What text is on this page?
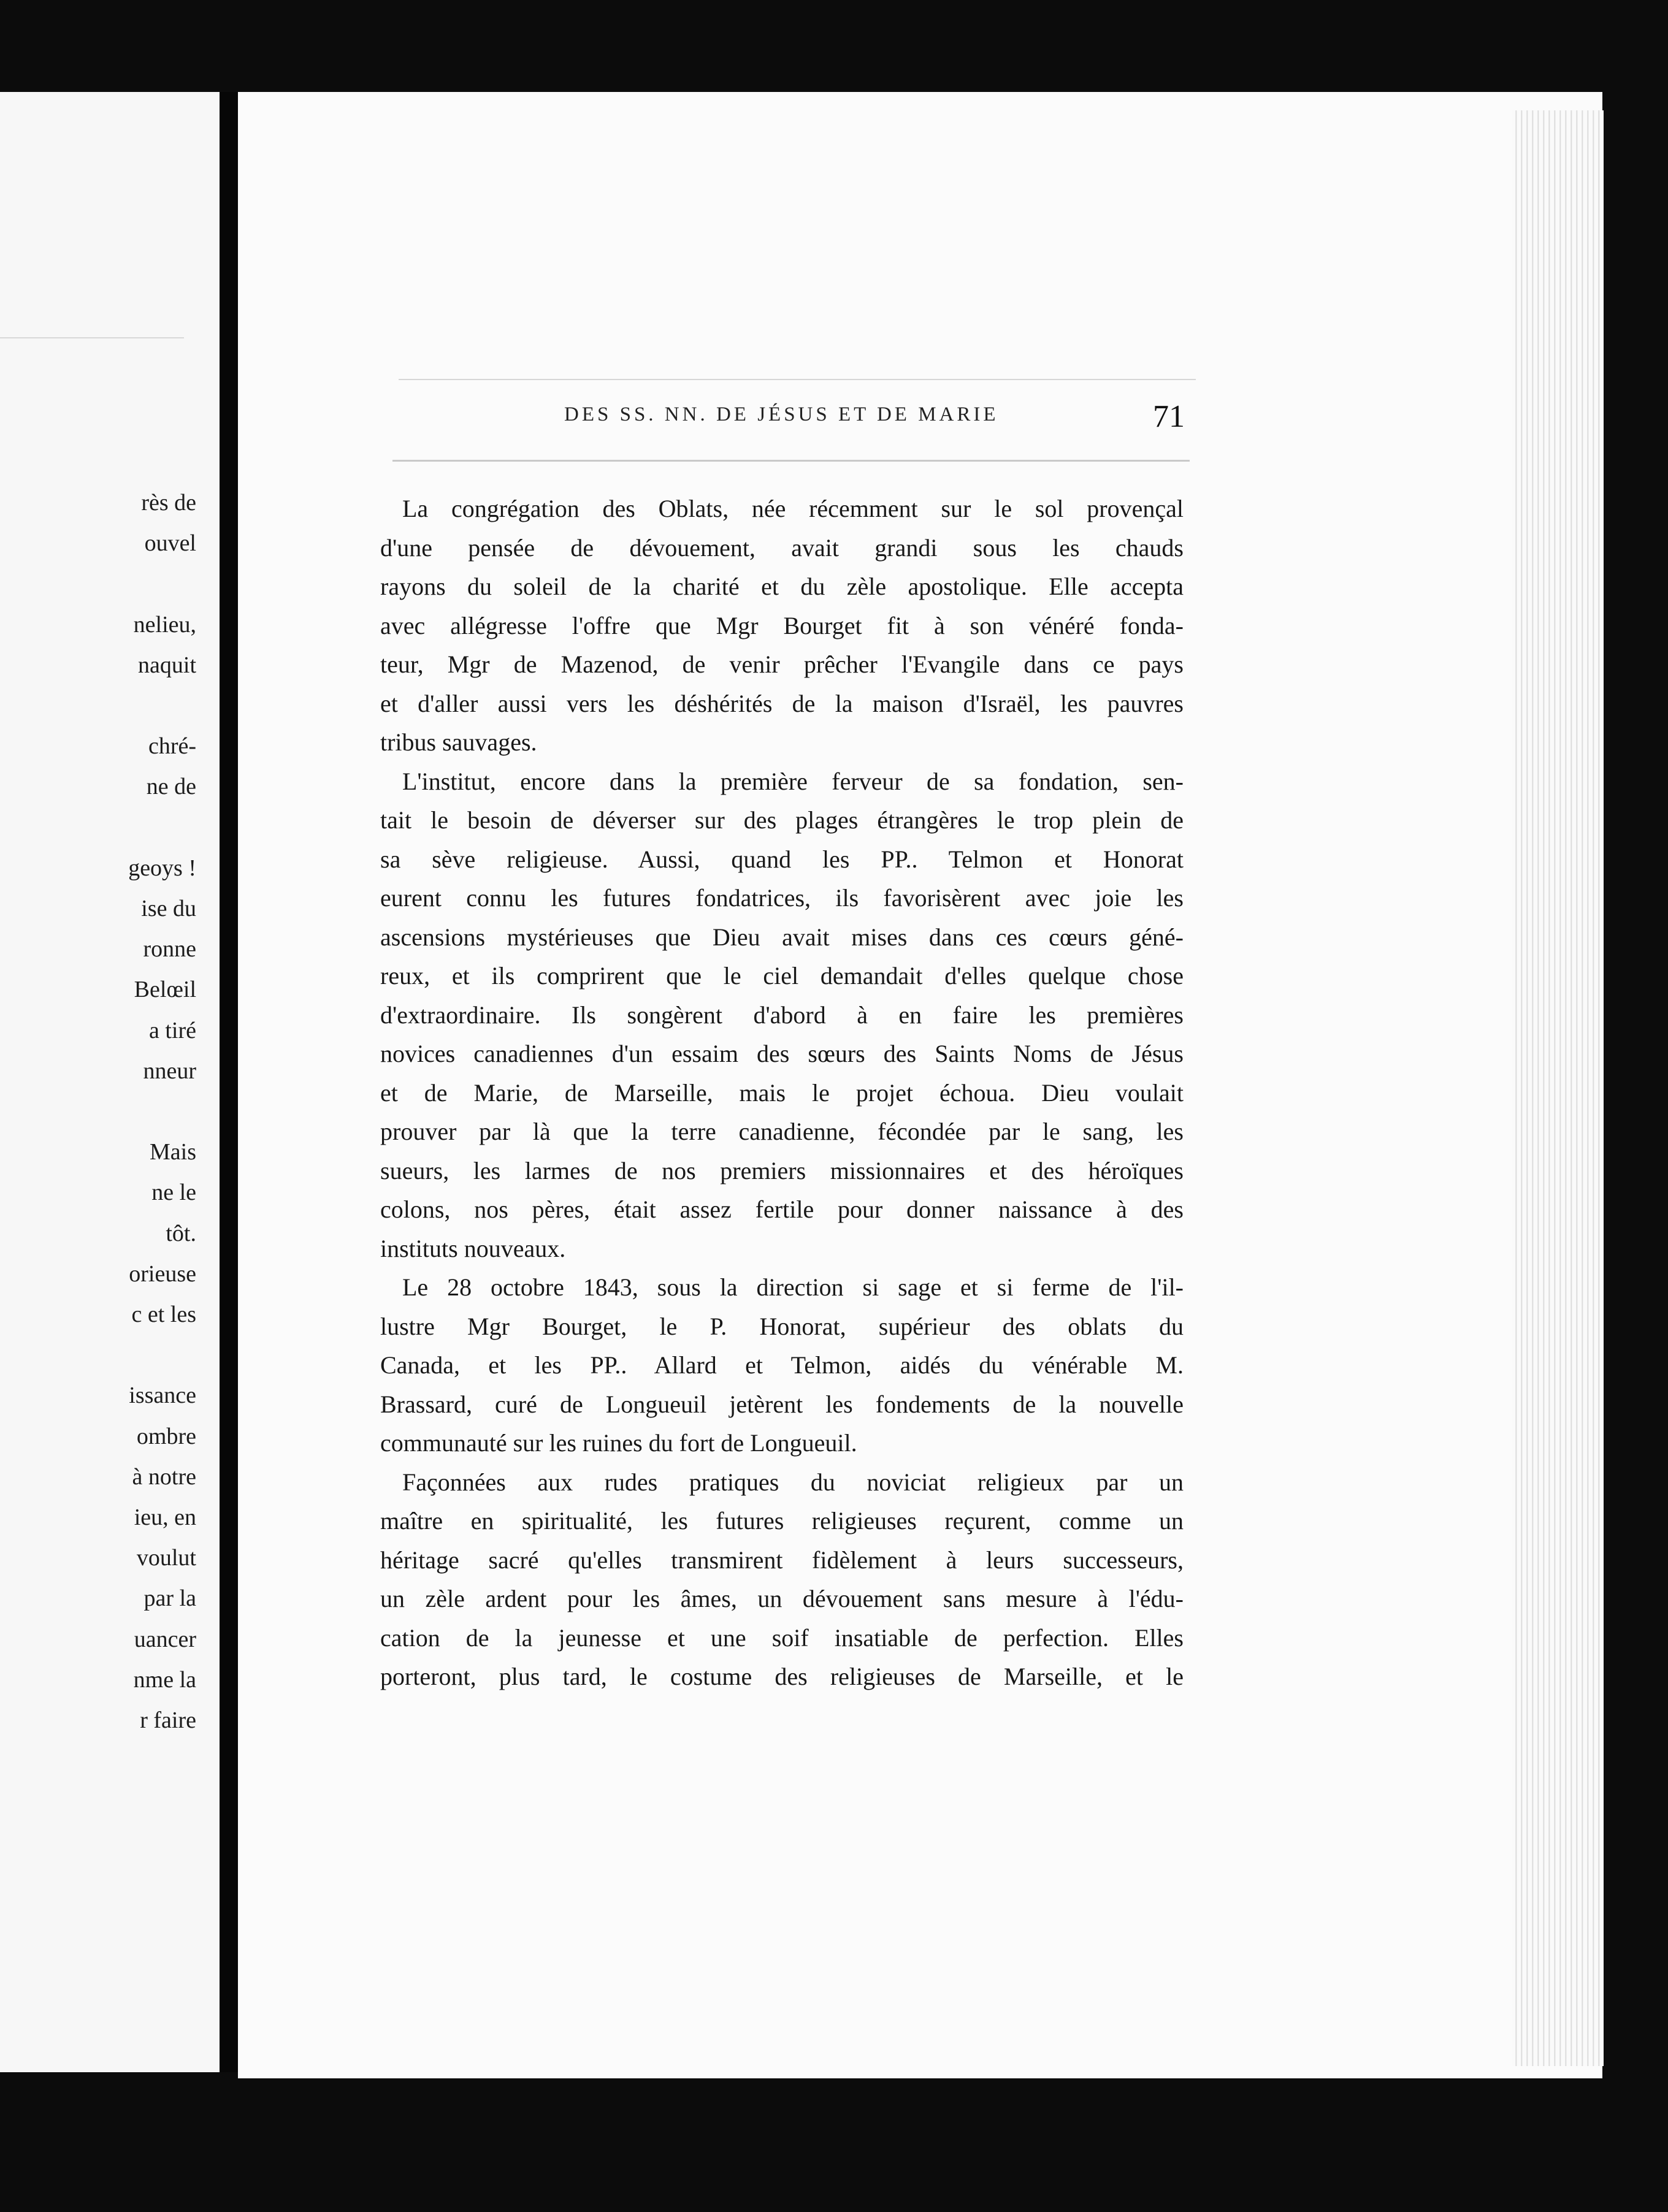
rès de
ouvel
nelieu,
naquit
chré-
ne de
geoys !
ise du
ronne
Belœil
a tiré
nneur
Mais
ne le
tôt.
orieuse
c et les
issance
ombre
à notre
ieu, en
voulut
par la
uancer
nme la
r faire
DES SS. NN. DE JÉSUS ET DE MARIE	71
La congrégation des Oblats, née récemment sur le sol provençal
d'une pensée de dévouement, avait grandi sous les chauds
rayons du soleil de la charité et du zèle apostolique. Elle accepta
avec allégresse l'offre que Mgr Bourget fit à son vénéré fonda-
teur, Mgr de Mazenod, de venir prêcher l'Evangile dans ce pays
et d'aller aussi vers les déshérités de la maison d'Israël, les pauvres
tribus sauvages.
L'institut, encore dans la première ferveur de sa fondation, sen-
tait le besoin de déverser sur des plages étrangères le trop plein de
sa sève religieuse. Aussi, quand les PP.. Telmon et Honorat
eurent connu les futures fondatrices, ils favorisèrent avec joie les
ascensions mystérieuses que Dieu avait mises dans ces cœurs géné-
reux, et ils comprirent que le ciel demandait d'elles quelque chose
d'extraordinaire. Ils songèrent d'abord à en faire les premières
novices canadiennes d'un essaim des sœurs des Saints Noms de Jésus
et de Marie, de Marseille, mais le projet échoua. Dieu voulait
prouver par là que la terre canadienne, fécondée par le sang, les
sueurs, les larmes de nos premiers missionnaires et des héroïques
colons, nos pères, était assez fertile pour donner naissance à des
instituts nouveaux.
Le 28 octobre 1843, sous la direction si sage et si ferme de l'il-
lustre Mgr Bourget, le P. Honorat, supérieur des oblats du
Canada, et les PP.. Allard et Telmon, aidés du vénérable M.
Brassard, curé de Longueuil jetèrent les fondements de la nouvelle
communauté sur les ruines du fort de Longueuil.
Façonnées aux rudes pratiques du noviciat religieux par un
maître en spiritualité, les futures religieuses reçurent, comme un
héritage sacré qu'elles transmirent fidèlement à leurs successeurs,
un zèle ardent pour les âmes, un dévouement sans mesure à l'édu-
cation de la jeunesse et une soif insatiable de perfection. Elles
porteront, plus tard, le costume des religieuses de Marseille, et le
